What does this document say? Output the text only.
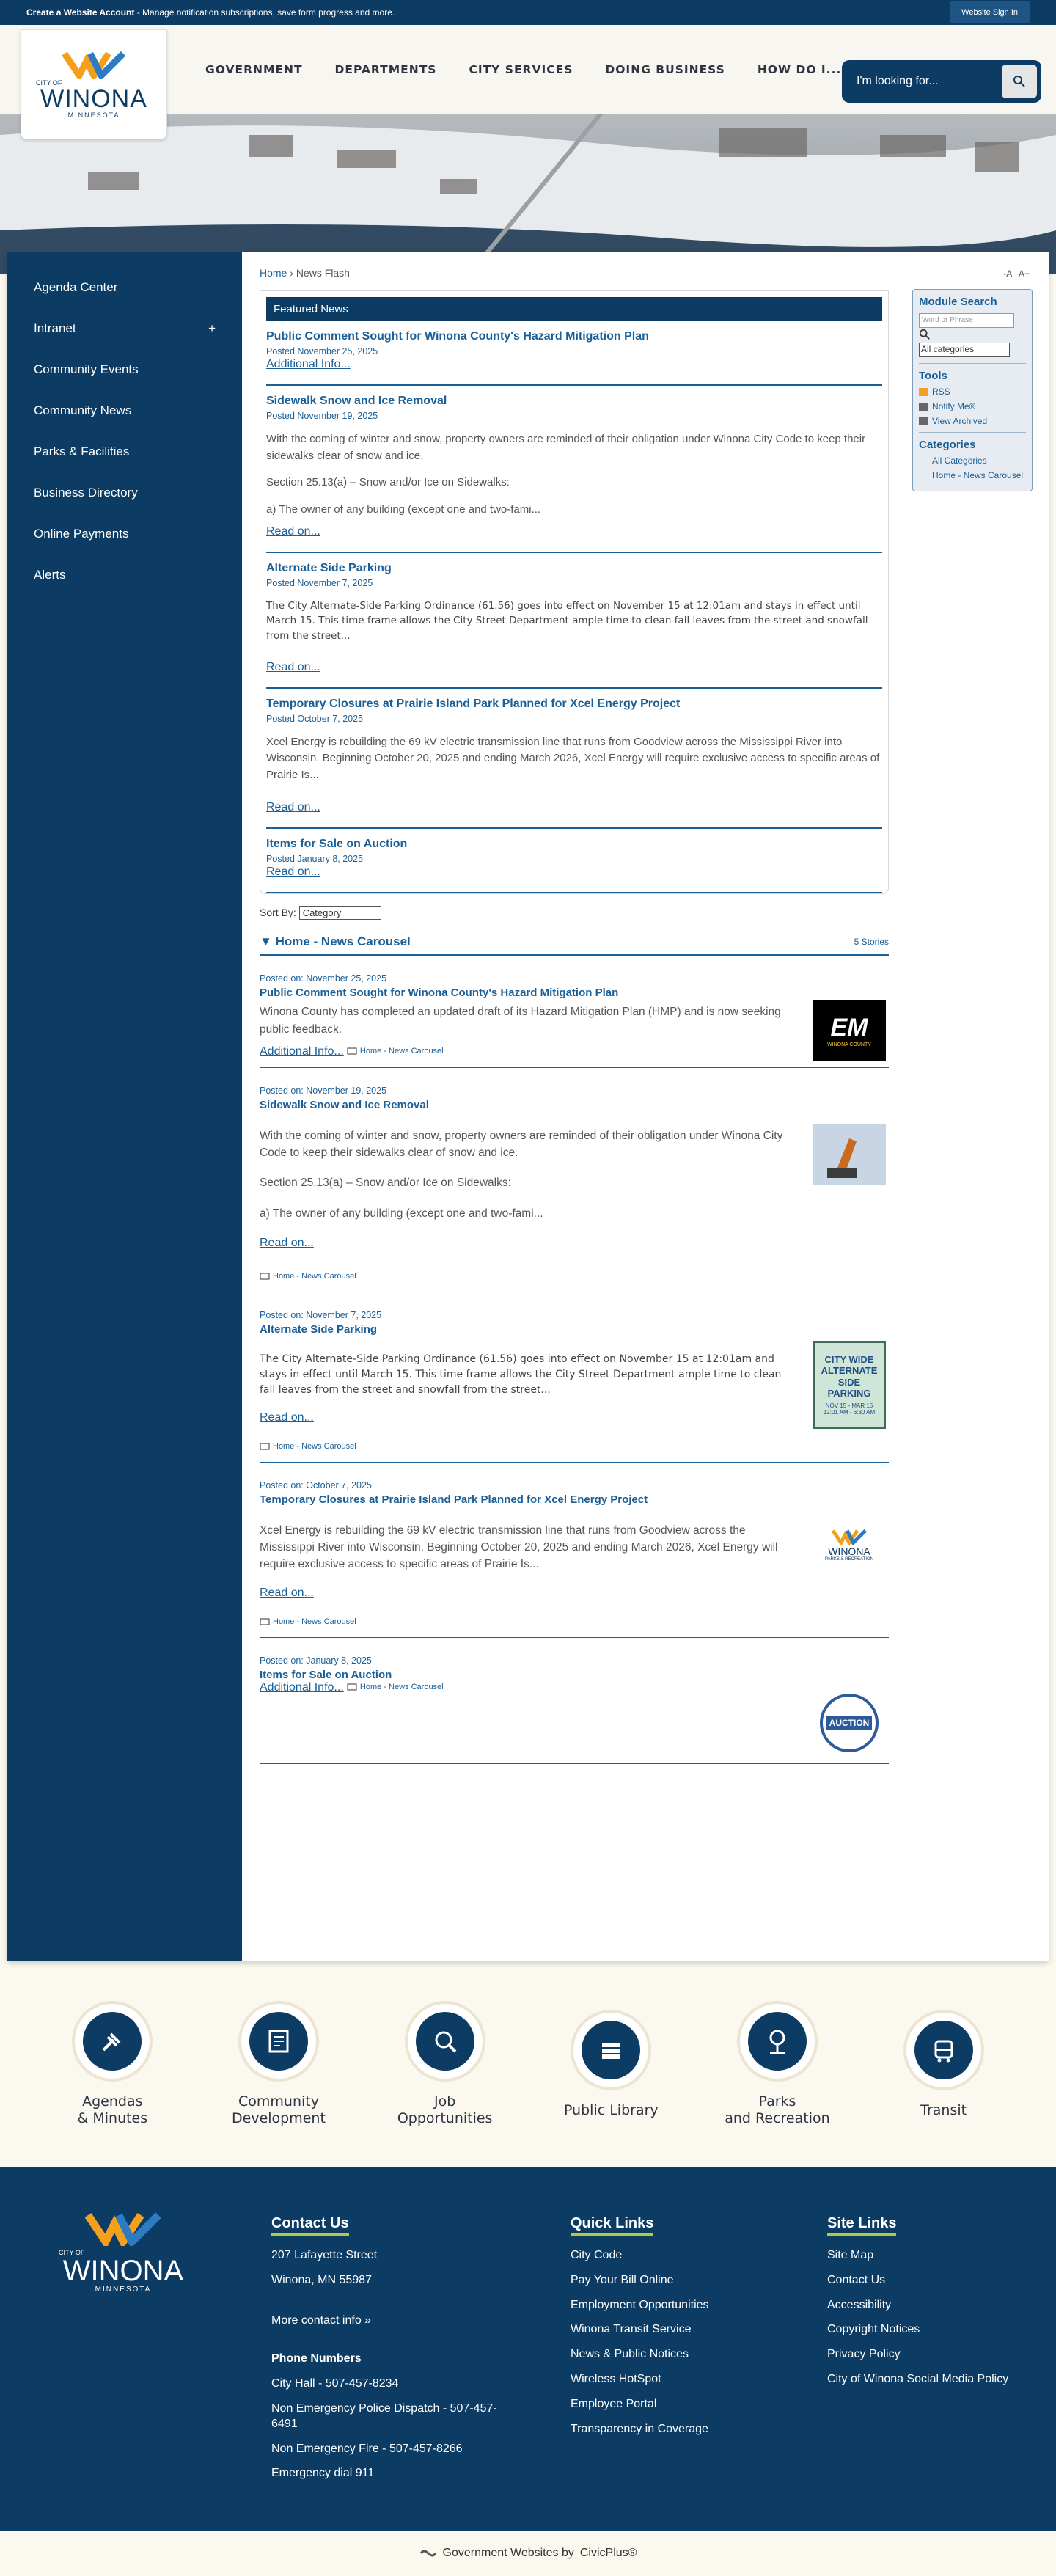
Create a Website Account - Manage notification subscriptions, save form progress and more.	Website Sign In
CITY OF
WINONA
MINNESOTA
GOVERNMENT	DEPARTMENTS	CITY SERVICES	DOING BUSINESS	HOW DO I...
I'm looking for...
Agenda Center
Intranet	+
Community Events
Community News
Parks & Facilities
Business Directory
Online Payments
Alerts
Home › News Flash	-A A+
Featured News
Public Comment Sought for Winona County's Hazard Mitigation Plan
Posted November 25, 2025
Additional Info...
Sidewalk Snow and Ice Removal
Posted November 19, 2025
With the coming of winter and snow, property owners are reminded of their obligation under Winona City Code to keep their sidewalks clear of snow and ice.
Section 25.13(a) – Snow and/or Ice on Sidewalks:
a) The owner of any building (except one and two-fami...
Read on...
Alternate Side Parking
Posted November 7, 2025
The City Alternate-Side Parking Ordinance (61.56) goes into effect on November 15 at 12:01am and stays in effect until March 15. This time frame allows the City Street Department ample time to clean fall leaves from the street and snowfall from the street...
Read on...
Temporary Closures at Prairie Island Park Planned for Xcel Energy Project
Posted October 7, 2025
Xcel Energy is rebuilding the 69 kV electric transmission line that runs from Goodview across the Mississippi River into Wisconsin. Beginning October 20, 2025 and ending March 2026, Xcel Energy will require exclusive access to specific areas of Prairie Is...
Read on...
Items for Sale on Auction
Posted January 8, 2025
Read on...
Module Search
Word or Phrase
All categories
Tools
RSS
Notify Me®
View Archived
Categories
All Categories
Home - News Carousel
Sort By: Category
▼ Home - News Carousel	5 Stories
Posted on: November 25, 2025
Public Comment Sought for Winona County's Hazard Mitigation Plan
Winona County has completed an updated draft of its Hazard Mitigation Plan (HMP) and is now seeking public feedback.
Additional Info... Home - News Carousel
EM
WINONA COUNTY
Posted on: November 19, 2025
Sidewalk Snow and Ice Removal
With the coming of winter and snow, property owners are reminded of their obligation under Winona City Code to keep their sidewalks clear of snow and ice.
Section 25.13(a) – Snow and/or Ice on Sidewalks:
a) The owner of any building (except one and two-fami...
Read on...

Home - News Carousel
Posted on: November 7, 2025
Alternate Side Parking
The City Alternate-Side Parking Ordinance (61.56) goes into effect on November 15 at 12:01am and stays in effect until March 15. This time frame allows the City Street Department ample time to clean fall leaves from the street and snowfall from the street...
Read on...

Home - News Carousel
CITY WIDE ALTERNATE SIDE PARKING
NOV 15 - MAR 15 12:01 AM - 6:30 AM
Posted on: October 7, 2025
Temporary Closures at Prairie Island Park Planned for Xcel Energy Project
Xcel Energy is rebuilding the 69 kV electric transmission line that runs from Goodview across the Mississippi River into Wisconsin. Beginning October 20, 2025 and ending March 2026, Xcel Energy will require exclusive access to specific areas of Prairie Is...
Read on...

Home - News Carousel
WINONA
PARKS & RECREATION
Posted on: January 8, 2025
Items for Sale on Auction
Additional Info... Home - News Carousel
AUCTION
Agendas
& Minutes
Community
Development
Job
Opportunities
Public Library

Parks
and Recreation
Transit

CITY OF
WINONA
MINNESOTA
Contact Us
207 Lafayette Street
Winona, MN 55987
More contact info »
Phone Numbers
City Hall - 507-457-8234
Non Emergency Police Dispatch - 507-457-6491
Non Emergency Fire - 507-457-8266
Emergency dial 911
Quick Links
City Code
Pay Your Bill Online
Employment Opportunities
Winona Transit Service
News & Public Notices
Wireless HotSpot
Employee Portal
Transparency in Coverage
Site Links
Site Map
Contact Us
Accessibility
Copyright Notices
Privacy Policy
City of Winona Social Media Policy
Government Websites by CivicPlus®
